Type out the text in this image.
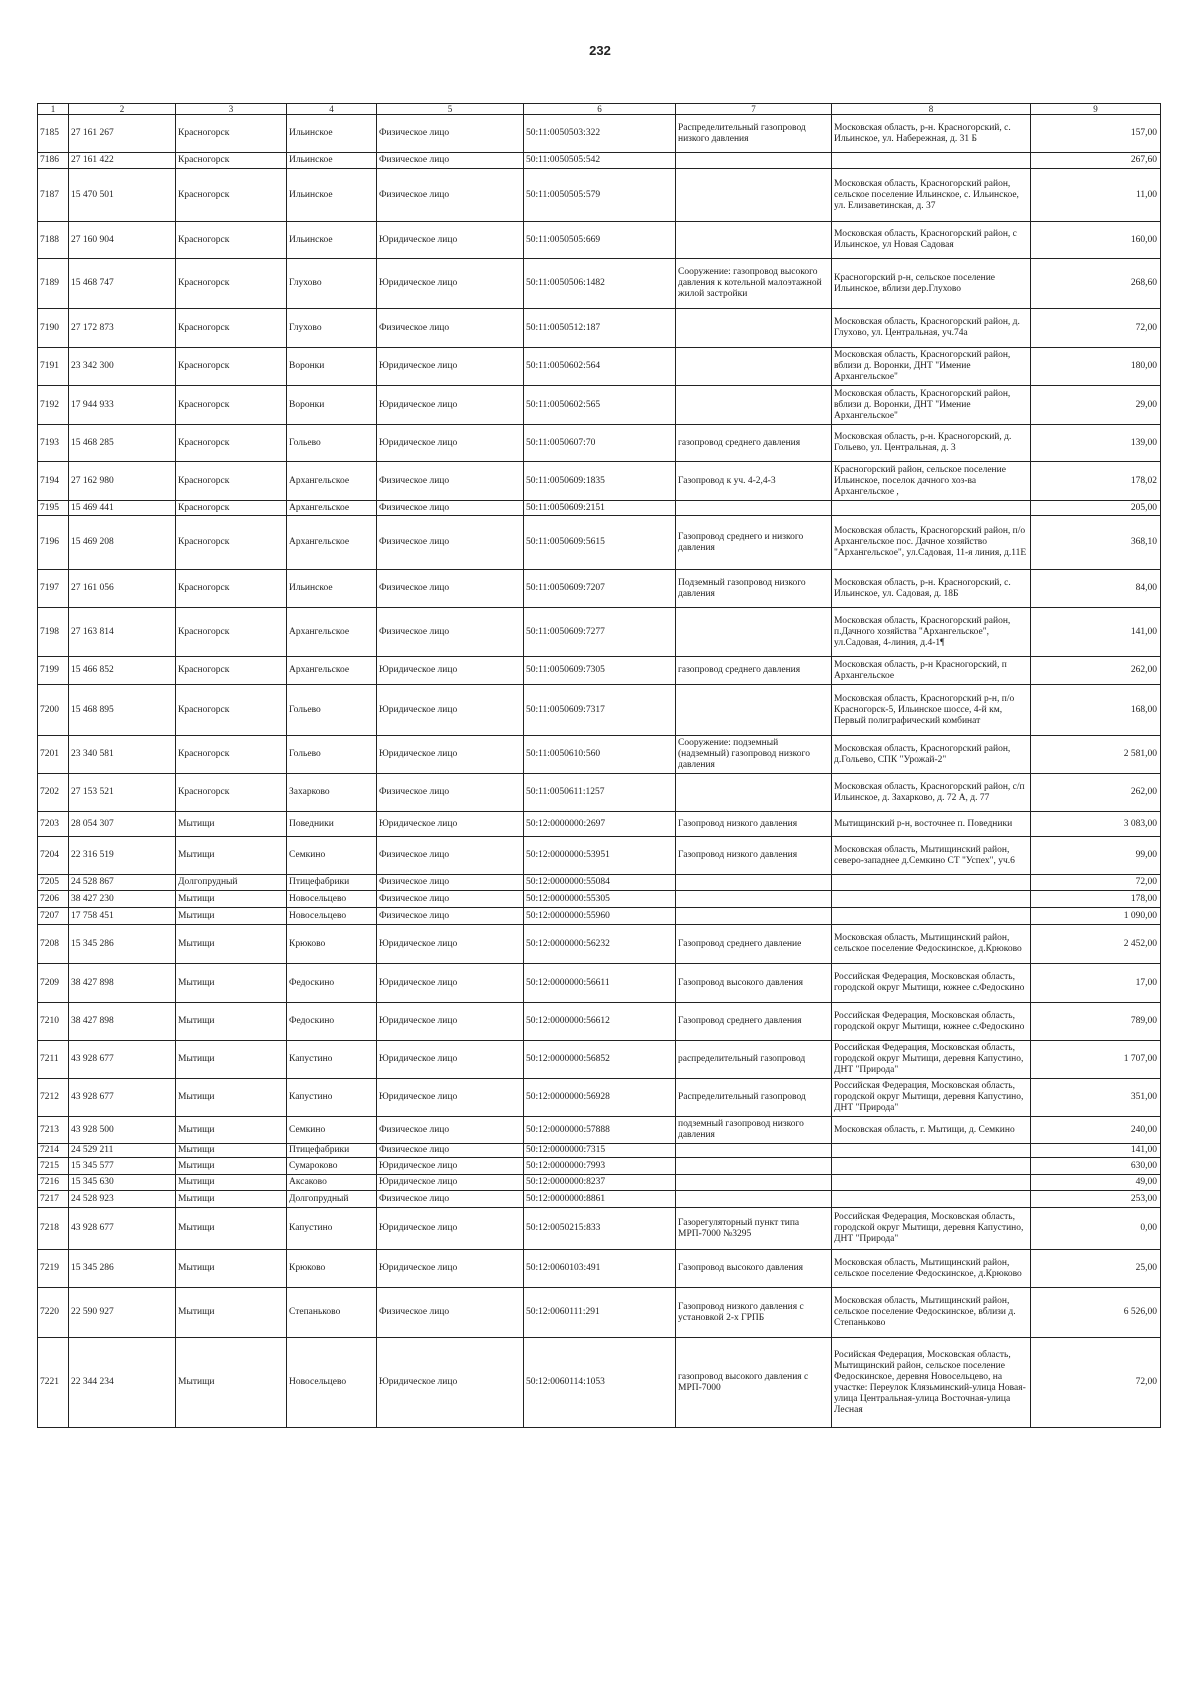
232
1	2	3	4	5	6	7	8	9

7185	27 161 267	Красногорск	Ильинское	Физическое лицо	50:11:0050503:322	Распределительный газопровод низкого давления	Московская область, р-н. Красногорский, с. Ильинское, ул. Набережная, д. 31 Б	157,00

7186	27 161 422	Красногорск	Ильинское	Физическое лицо	50:11:0050505:542			267,60

7187	15 470 501	Красногорск	Ильинское	Физическое лицо	50:11:0050505:579		Московская область, Красногорский район, сельское поселение Ильинское, с. Ильинское, ул. Елизаветинская, д. 37	11,00

7188	27 160 904	Красногорск	Ильинское	Юридическое лицо	50:11:0050505:669		Московская область, Красногорский район, с Ильинское, ул Новая Садовая	160,00

7189	15 468 747	Красногорск	Глухово	Юридическое лицо	50:11:0050506:1482	Сооружение: газопровод высокого давления к котельной малоэтажной жилой застройки	Красногорский р-н, сельское поселение Ильинское, вблизи дер.Глухово	268,60

7190	27 172 873	Красногорск	Глухово	Физическое лицо	50:11:0050512:187		Московская область, Красногорский район, д. Глухово, ул. Центральная, уч.74а	72,00

7191	23 342 300	Красногорск	Воронки	Юридическое лицо	50:11:0050602:564		Московская область, Красногорский район, вблизи д. Воронки, ДНТ "Имение Архангельское"	180,00

7192	17 944 933	Красногорск	Воронки	Юридическое лицо	50:11:0050602:565		Московская область, Красногорский район, вблизи д. Воронки, ДНТ "Имение Архангельское"	29,00

7193	15 468 285	Красногорск	Гольево	Юридическое лицо	50:11:0050607:70	газопровод среднего давления	Московская область, р-н. Красногорский, д. Гольево, ул. Центральная, д. 3	139,00

7194	27 162 980	Красногорск	Архангельское	Физическое лицо	50:11:0050609:1835	Газопровод к уч. 4-2,4-3	Красногорский район, сельское поселение Ильинское, поселок дачного хоз-ва Архангельское ,	178,02

7195	15 469 441	Красногорск	Архангельское	Физическое лицо	50:11:0050609:2151			205,00

7196	15 469 208	Красногорск	Архангельское	Физическое лицо	50:11:0050609:5615	Газопровод среднего и низкого давления	Московская область, Красногорский район, п/о Архангельское пос. Дачное хозяйство "Архангельское", ул.Садовая, 11-я линия, д.11Е	368,10

7197	27 161 056	Красногорск	Ильинское	Физическое лицо	50:11:0050609:7207	Подземный газопровод низкого давления	Московская область, р-н. Красногорский, с. Ильинское, ул. Садовая, д. 18Б	84,00

7198	27 163 814	Красногорск	Архангельское	Физическое лицо	50:11:0050609:7277		Московская область, Красногорский район, п.Дачного хозяйства "Архангельское", ул.Садовая, 4-линия, д.4-1¶	141,00

7199	15 466 852	Красногорск	Архангельское	Юридическое лицо	50:11:0050609:7305	газопровод среднего давления	Московская область, р-н Красногорский, п Архангельское	262,00

7200	15 468 895	Красногорск	Гольево	Юридическое лицо	50:11:0050609:7317		Московская область, Красногорский р-н, п/о Красногорск-5, Ильинское шоссе, 4-й км, Первый полиграфический комбинат	168,00

7201	23 340 581	Красногорск	Гольево	Юридическое лицо	50:11:0050610:560	Сооружение: подземный (надземный) газопровод низкого давления	Московская область, Красногорский район, д.Гольево, СПК "Урожай-2"	2 581,00

7202	27 153 521	Красногорск	Захарково	Физическое лицо	50:11:0050611:1257		Московская область, Красногорский район, с/п Ильинское, д. Захарково, д. 72 А, д. 77	262,00

7203	28 054 307	Мытищи	Поведники	Юридическое лицо	50:12:0000000:2697	Газопровод низкого давления	Мытищинский р-н, восточнее п. Поведники	3 083,00

7204	22 316 519	Мытищи	Семкино	Физическое лицо	50:12:0000000:53951	Газопровод низкого давления	Московская область, Мытищинский район, северо-западнее д.Семкино СТ "Успех", уч.6	99,00

7205	24 528 867	Долгопрудный	Птицефабрики	Физическое лицо	50:12:0000000:55084			72,00

7206	38 427 230	Мытищи	Новосельцево	Физическое лицо	50:12:0000000:55305			178,00

7207	17 758 451	Мытищи	Новосельцево	Физическое лицо	50:12:0000000:55960			1 090,00

7208	15 345 286	Мытищи	Крюково	Юридическое лицо	50:12:0000000:56232	Газопровод среднего давление	Московская область, Мытищинский район, сельское поселение Федоскинское, д.Крюково	2 452,00

7209	38 427 898	Мытищи	Федоскино	Юридическое лицо	50:12:0000000:56611	Газопровод высокого давления	Российская Федерация, Московская область, городской округ Мытищи, южнее с.Федоскино	17,00

7210	38 427 898	Мытищи	Федоскино	Юридическое лицо	50:12:0000000:56612	Газопровод среднего давления	Российская Федерация, Московская область, городской округ Мытищи, южнее с.Федоскино	789,00

7211	43 928 677	Мытищи	Капустино	Юридическое лицо	50:12:0000000:56852	распределительный газопровод	Российская Федерация, Московская область, городской округ Мытищи, деревня Капустино, ДНТ "Природа"	1 707,00

7212	43 928 677	Мытищи	Капустино	Юридическое лицо	50:12:0000000:56928	Распределительный газопровод	Российская Федерация, Московская область, городской округ Мытищи, деревня Капустино, ДНТ "Природа"	351,00

7213	43 928 500	Мытищи	Семкино	Физическое лицо	50:12:0000000:57888	подземный газопровод низкого давления	Московская область, г. Мытищи, д. Семкино	240,00

7214	24 529 211	Мытищи	Птицефабрики	Физическое лицо	50:12:0000000:7315			141,00

7215	15 345 577	Мытищи	Сумароково	Юридическое лицо	50:12:0000000:7993			630,00

7216	15 345 630	Мытищи	Аксаково	Юридическое лицо	50:12:0000000:8237			49,00

7217	24 528 923	Мытищи	Долгопрудный	Физическое лицо	50:12:0000000:8861			253,00

7218	43 928 677	Мытищи	Капустино	Юридическое лицо	50:12:0050215:833	Газорегуляторный пункт типа МРП-7000 №3295	Российская Федерация, Московская область, городской округ Мытищи, деревня Капустино, ДНТ "Природа"	0,00

7219	15 345 286	Мытищи	Крюково	Юридическое лицо	50:12:0060103:491	Газопровод высокого давления	Московская область, Мытищинский район, сельское поселение Федоскинское, д.Крюково	25,00

7220	22 590 927	Мытищи	Степаньково	Физическое лицо	50:12:0060111:291	Газопровод низкого давления с установкой 2-х ГРПБ	Московская область, Мытищинский район, сельское поселение Федоскинское, вблизи д. Степаньково	6 526,00

7221	22 344 234	Мытищи	Новосельцево	Юридическое лицо	50:12:0060114:1053	газопровод высокого давления с МРП-7000	Росийская Федерация, Московская область, Мытищинский район, сельское поселение Федоскинское, деревня Новосельцево, на участке: Переулок Клязьминский-улица Новая-улица Центральная-улица Восточная-улица Лесная	72,00
